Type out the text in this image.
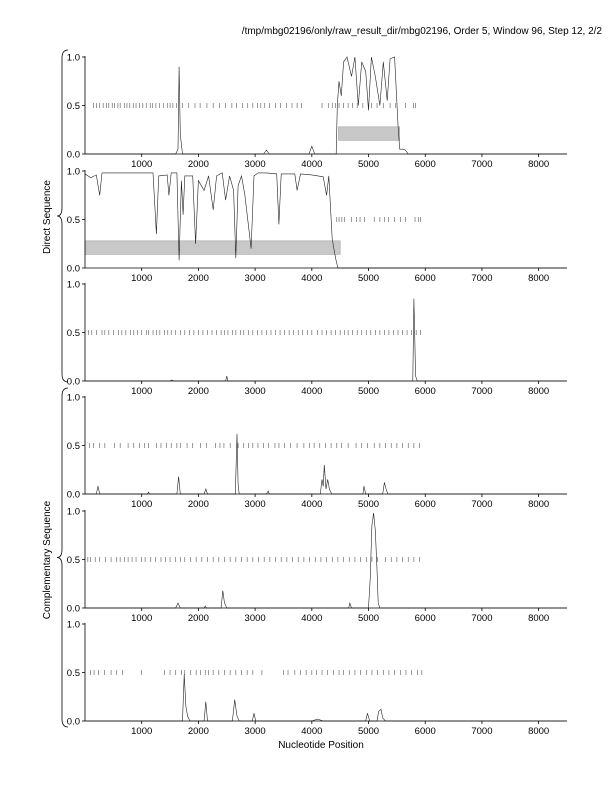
/tmp/mbg02196/only/raw_result_dir/mbg02196, Order 5, Window 96, Step 12, 2/2
0.0
0.5
1.0
1000	2000	3000	4000	5000	6000	7000	8000
0.0
0.5
1.0
1000	2000	3000	4000	5000	6000	7000	8000
0.0
0.5
1.0
1000	2000	3000	4000	5000	6000	7000	8000
0.0
0.5
1.0
1000	2000	3000	4000	5000	6000	7000	8000
0.0
0.5
1.0
1000	2000	3000	4000	5000	6000	7000	8000
0.0
0.5
1.0
1000	2000	3000	4000	5000	6000	7000	8000
Direct Sequence
Complementary Sequence
Nucleotide Position
